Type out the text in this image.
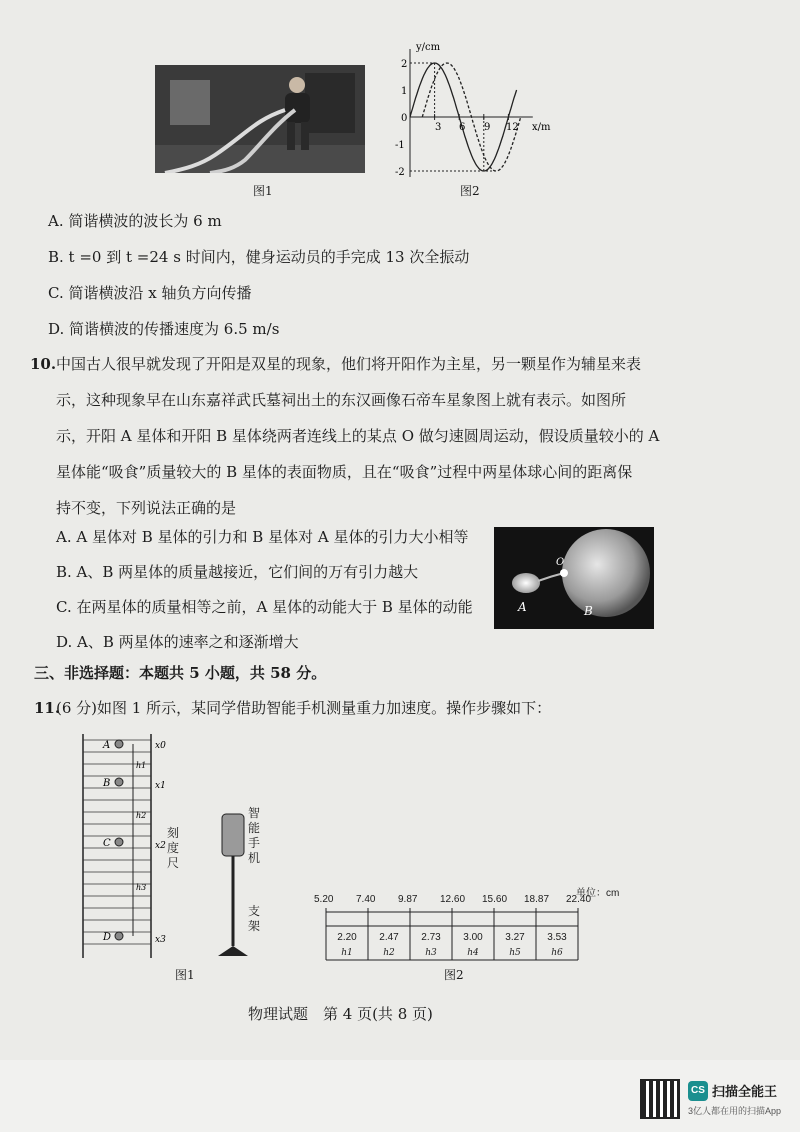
图1
y/cm
x/m
2
1
0
-1
-2
3 6 9 12
图2
A. 简谐横波的波长为 6 m
B. t =0 到 t =24 s 时间内，健身运动员的手完成 13 次全振动
C. 简谐横波沿 x 轴负方向传播
D. 简谐横波的传播速度为 6.5 m/s
10. 中国古人很早就发现了开阳是双星的现象，他们将开阳作为主星，另一颗星作为辅星来表
示，这种现象早在山东嘉祥武氏墓祠出土的东汉画像石帝车星象图上就有表示。如图所
示，开阳 A 星体和开阳 B 星体绕两者连线上的某点 O 做匀速圆周运动，假设质量较小的 A
星体能“吸食”质量较大的 B 星体的表面物质，且在“吸食”过程中两星体球心间的距离保
持不变，下列说法正确的是
A. A 星体对 B 星体的引力和 B 星体对 A 星体的引力大小相等
B. A、B 两星体的质量越接近，它们间的万有引力越大
C. 在两星体的质量相等之前，A 星体的动能大于 B 星体的动能
D. A、B 两星体的速率之和逐渐增大
O
A	B
三、非选择题：本题共 5 小题，共 58 分。
11.
(6 分)如图 1 所示，某同学借助智能手机测量重力加速度。操作步骤如下：
A
B
C
D
x0
x1
x2
x3
h1
h2
h3
刻度尺
智能手机
支架
图1
单位：cm
5.20 7.40 9.87 12.60 15.60 18.87 22.40
2.20
h1
2.47
h2
2.73
h3
3.00
h4
3.27
h5
3.53
h6
图2
物理试题　第 4 页(共 8 页)
CS 扫描全能王
3亿人都在用的扫描App
